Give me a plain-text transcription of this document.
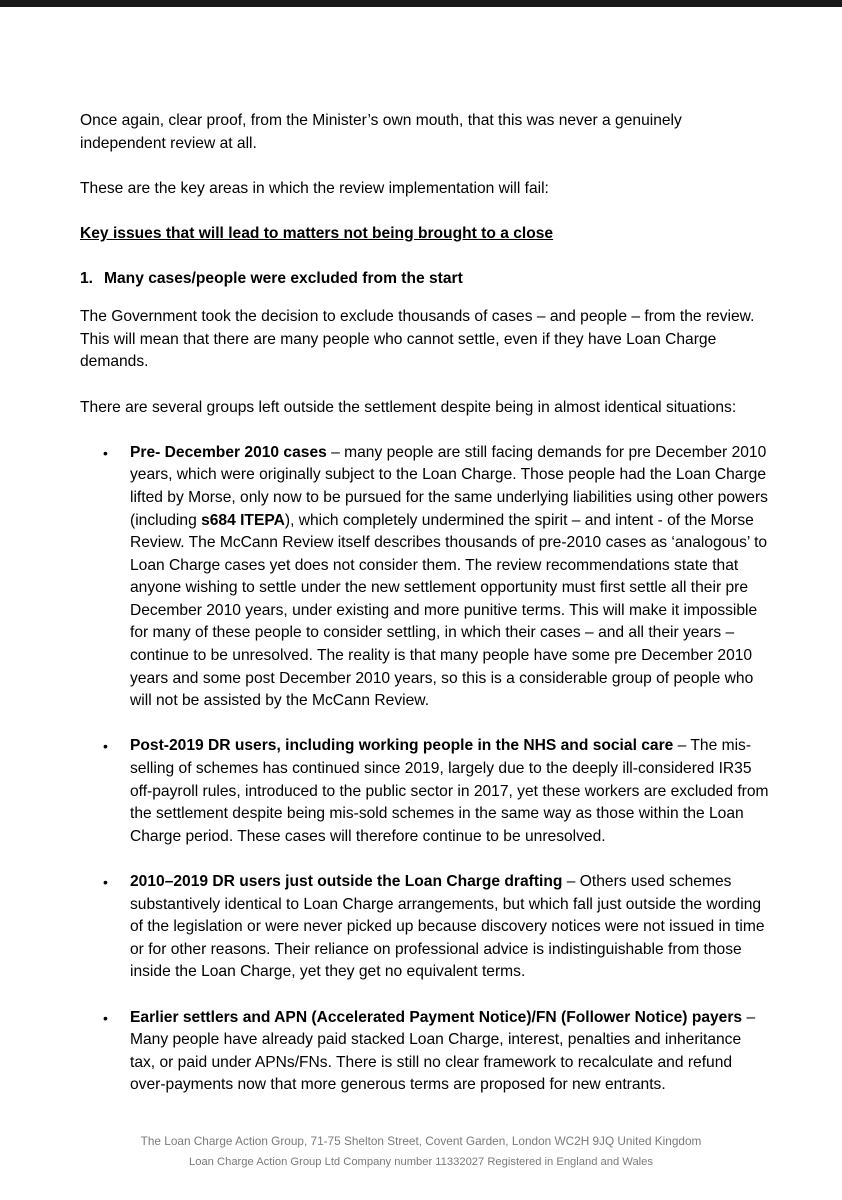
Once again, clear proof, from the Minister’s own mouth, that this was never a genuinely independent review at all.

These are the key areas in which the review implementation will fail:

Key issues that will lead to matters not being brought to a close

1. Many cases/people were excluded from the start

The Government took the decision to exclude thousands of cases – and people – from the review. This will mean that there are many people who cannot settle, even if they have Loan Charge demands.

There are several groups left outside the settlement despite being in almost identical situations:

• Pre- December 2010 cases – many people are still facing demands for pre December 2010 years, which were originally subject to the Loan Charge. Those people had the Loan Charge lifted by Morse, only now to be pursued for the same underlying liabilities using other powers (including s684 ITEPA), which completely undermined the spirit – and intent - of the Morse Review. The McCann Review itself describes thousands of pre-2010 cases as ‘analogous’ to Loan Charge cases yet does not consider them. The review recommendations state that anyone wishing to settle under the new settlement opportunity must first settle all their pre December 2010 years, under existing and more punitive terms. This will make it impossible for many of these people to consider settling, in which their cases – and all their years – continue to be unresolved. The reality is that many people have some pre December 2010 years and some post December 2010 years, so this is a considerable group of people who will not be assisted by the McCann Review.
• Post-2019 DR users, including working people in the NHS and social care – The mis-selling of schemes has continued since 2019, largely due to the deeply ill-considered IR35 off-payroll rules, introduced to the public sector in 2017, yet these workers are excluded from the settlement despite being mis-sold schemes in the same way as those within the Loan Charge period. These cases will therefore continue to be unresolved.
• 2010–2019 DR users just outside the Loan Charge drafting – Others used schemes substantively identical to Loan Charge arrangements, but which fall just outside the wording of the legislation or were never picked up because discovery notices were not issued in time or for other reasons. Their reliance on professional advice is indistinguishable from those inside the Loan Charge, yet they get no equivalent terms.
• Earlier settlers and APN (Accelerated Payment Notice)/FN (Follower Notice) payers – Many people have already paid stacked Loan Charge, interest, penalties and inheritance tax, or paid under APNs/FNs. There is still no clear framework to recalculate and refund over-payments now that more generous terms are proposed for new entrants.
The Loan Charge Action Group, 71-75 Shelton Street, Covent Garden, London WC2H 9JQ United Kingdom
Loan Charge Action Group Ltd Company number 11332027 Registered in England and Wales
